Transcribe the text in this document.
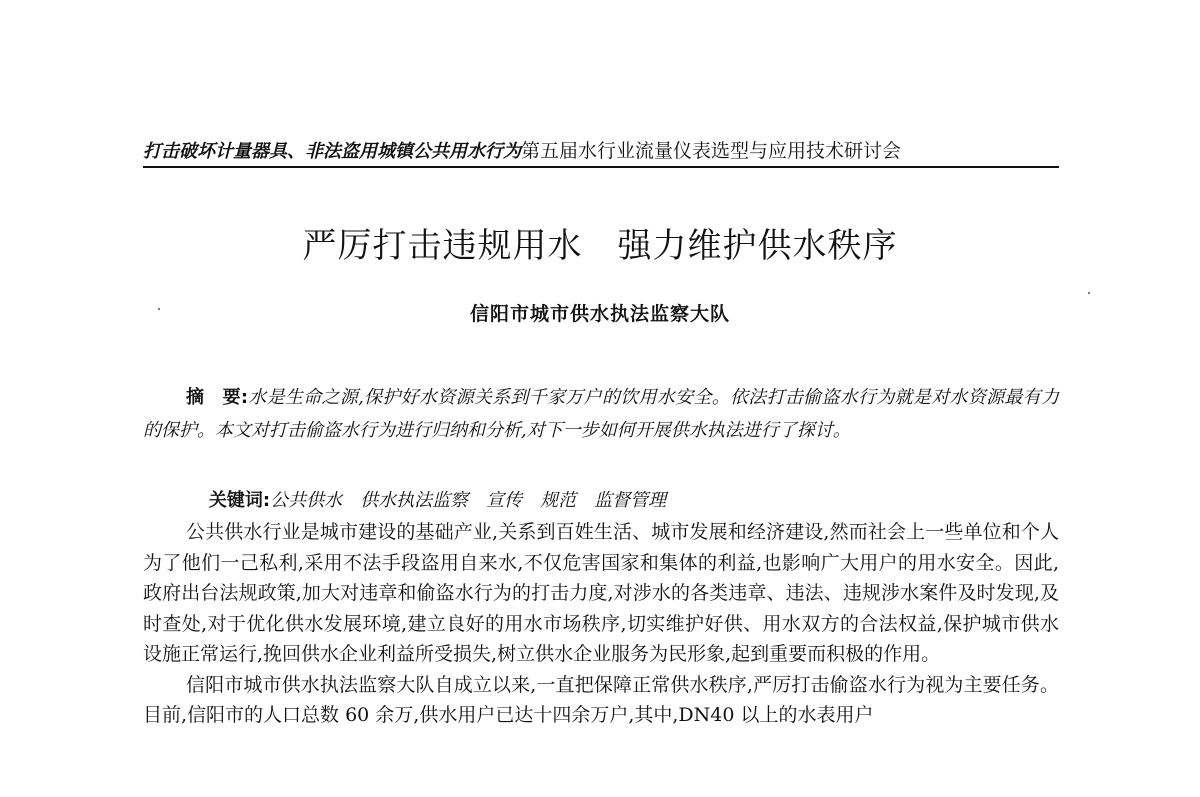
打击破坏计量器具、非法盗用城镇公共用水行为第五届水行业流量仪表选型与应用技术研讨会
严厉打击违规用水　强力维护供水秩序
信阳市城市供水执法监察大队
摘　要:水是生命之源,保护好水资源关系到千家万户的饮用水安全。依法打击偷盗水行为就是对水资源最有力的保护。本文对打击偷盗水行为进行归纳和分析,对下一步如何开展供水执法进行了探讨。

关键词:公共供水　供水执法监察　宣传　规范　监督管理

公共供水行业是城市建设的基础产业,关系到百姓生活、城市发展和经济建设,然而社会上一些单位和个人为了他们一己私利,采用不法手段盗用自来水,不仅危害国家和集体的利益,也影响广大用户的用水安全。因此,政府出台法规政策,加大对违章和偷盗水行为的打击力度,对涉水的各类违章、违法、违规涉水案件及时发现,及时查处,对于优化供水发展环境,建立良好的用水市场秩序,切实维护好供、用水双方的合法权益,保护城市供水设施正常运行,挽回供水企业利益所受损失,树立供水企业服务为民形象,起到重要而积极的作用。

信阳市城市供水执法监察大队自成立以来,一直把保障正常供水秩序,严厉打击偷盗水行为视为主要任务。目前,信阳市的人口总数 60 余万,供水用户已达十四余万户,其中,DN40 以上的水表用户
